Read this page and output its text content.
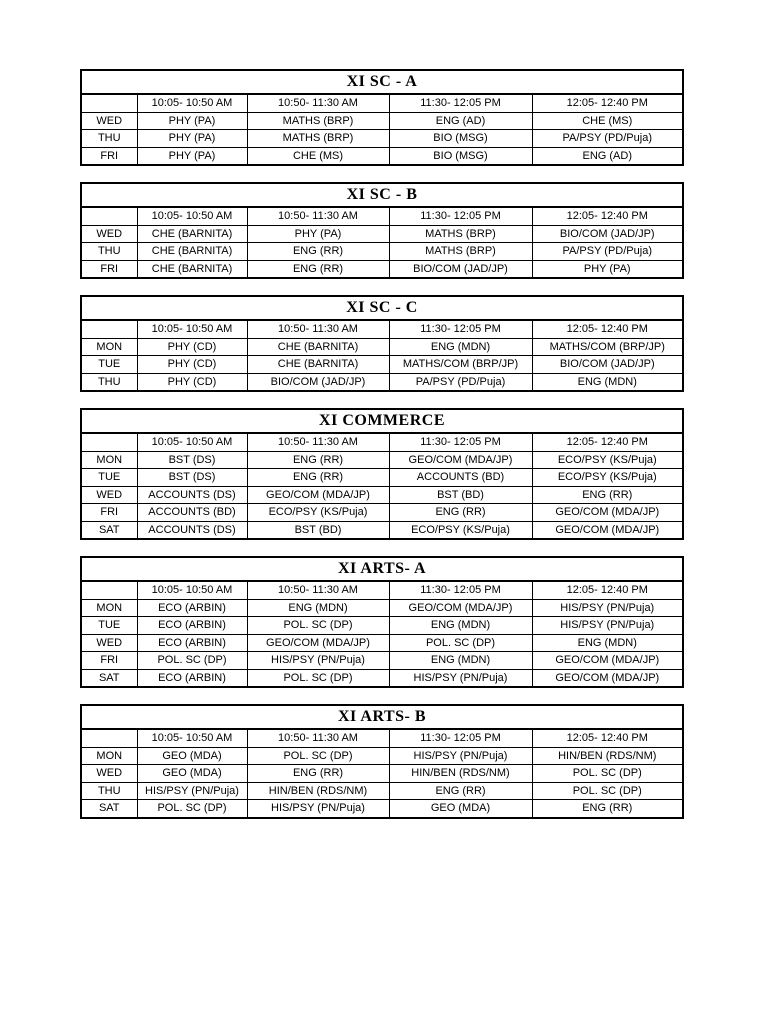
XI SC - A				
	10:05- 10:50 AM	10:50- 11:30 AM	11:30- 12:05 PM	12:05- 12:40 PM
WED	PHY (PA)	MATHS (BRP)	ENG (AD)	CHE (MS)
THU	PHY (PA)	MATHS (BRP)	BIO (MSG)	PA/PSY (PD/Puja)
FRI	PHY (PA)	CHE (MS)	BIO (MSG)	ENG (AD)
XI SC - B				
	10:05- 10:50 AM	10:50- 11:30 AM	11:30- 12:05 PM	12:05- 12:40 PM
WED	CHE (BARNITA)	PHY (PA)	MATHS (BRP)	BIO/COM (JAD/JP)
THU	CHE (BARNITA)	ENG (RR)	MATHS (BRP)	PA/PSY (PD/Puja)
FRI	CHE (BARNITA)	ENG (RR)	BIO/COM (JAD/JP)	PHY (PA)
XI SC - C				
	10:05- 10:50 AM	10:50- 11:30 AM	11:30- 12:05 PM	12:05- 12:40 PM
MON	PHY (CD)	CHE (BARNITA)	ENG (MDN)	MATHS/COM (BRP/JP)
TUE	PHY (CD)	CHE (BARNITA)	MATHS/COM (BRP/JP)	BIO/COM (JAD/JP)
THU	PHY (CD)	BIO/COM (JAD/JP)	PA/PSY (PD/Puja)	ENG (MDN)
XI COMMERCE				
	10:05- 10:50 AM	10:50- 11:30 AM	11:30- 12:05 PM	12:05- 12:40 PM
MON	BST (DS)	ENG (RR)	GEO/COM (MDA/JP)	ECO/PSY (KS/Puja)
TUE	BST (DS)	ENG (RR)	ACCOUNTS (BD)	ECO/PSY (KS/Puja)
WED	ACCOUNTS (DS)	GEO/COM (MDA/JP)	BST (BD)	ENG (RR)
FRI	ACCOUNTS (BD)	ECO/PSY (KS/Puja)	ENG (RR)	GEO/COM (MDA/JP)
SAT	ACCOUNTS (DS)	BST (BD)	ECO/PSY (KS/Puja)	GEO/COM (MDA/JP)
XI ARTS- A				
	10:05- 10:50 AM	10:50- 11:30 AM	11:30- 12:05 PM	12:05- 12:40 PM
MON	ECO (ARBIN)	ENG (MDN)	GEO/COM (MDA/JP)	HIS/PSY (PN/Puja)
TUE	ECO (ARBIN)	POL. SC (DP)	ENG (MDN)	HIS/PSY (PN/Puja)
WED	ECO (ARBIN)	GEO/COM (MDA/JP)	POL. SC (DP)	ENG (MDN)
FRI	POL. SC (DP)	HIS/PSY (PN/Puja)	ENG (MDN)	GEO/COM (MDA/JP)
SAT	ECO (ARBIN)	POL. SC (DP)	HIS/PSY (PN/Puja)	GEO/COM (MDA/JP)
XI ARTS- B				
	10:05- 10:50 AM	10:50- 11:30 AM	11:30- 12:05 PM	12:05- 12:40 PM
MON	GEO (MDA)	POL. SC (DP)	HIS/PSY (PN/Puja)	HIN/BEN (RDS/NM)
WED	GEO (MDA)	ENG (RR)	HIN/BEN (RDS/NM)	POL. SC (DP)
THU	HIS/PSY (PN/Puja)	HIN/BEN (RDS/NM)	ENG (RR)	POL. SC (DP)
SAT	POL. SC (DP)	HIS/PSY (PN/Puja)	GEO (MDA)	ENG (RR)
